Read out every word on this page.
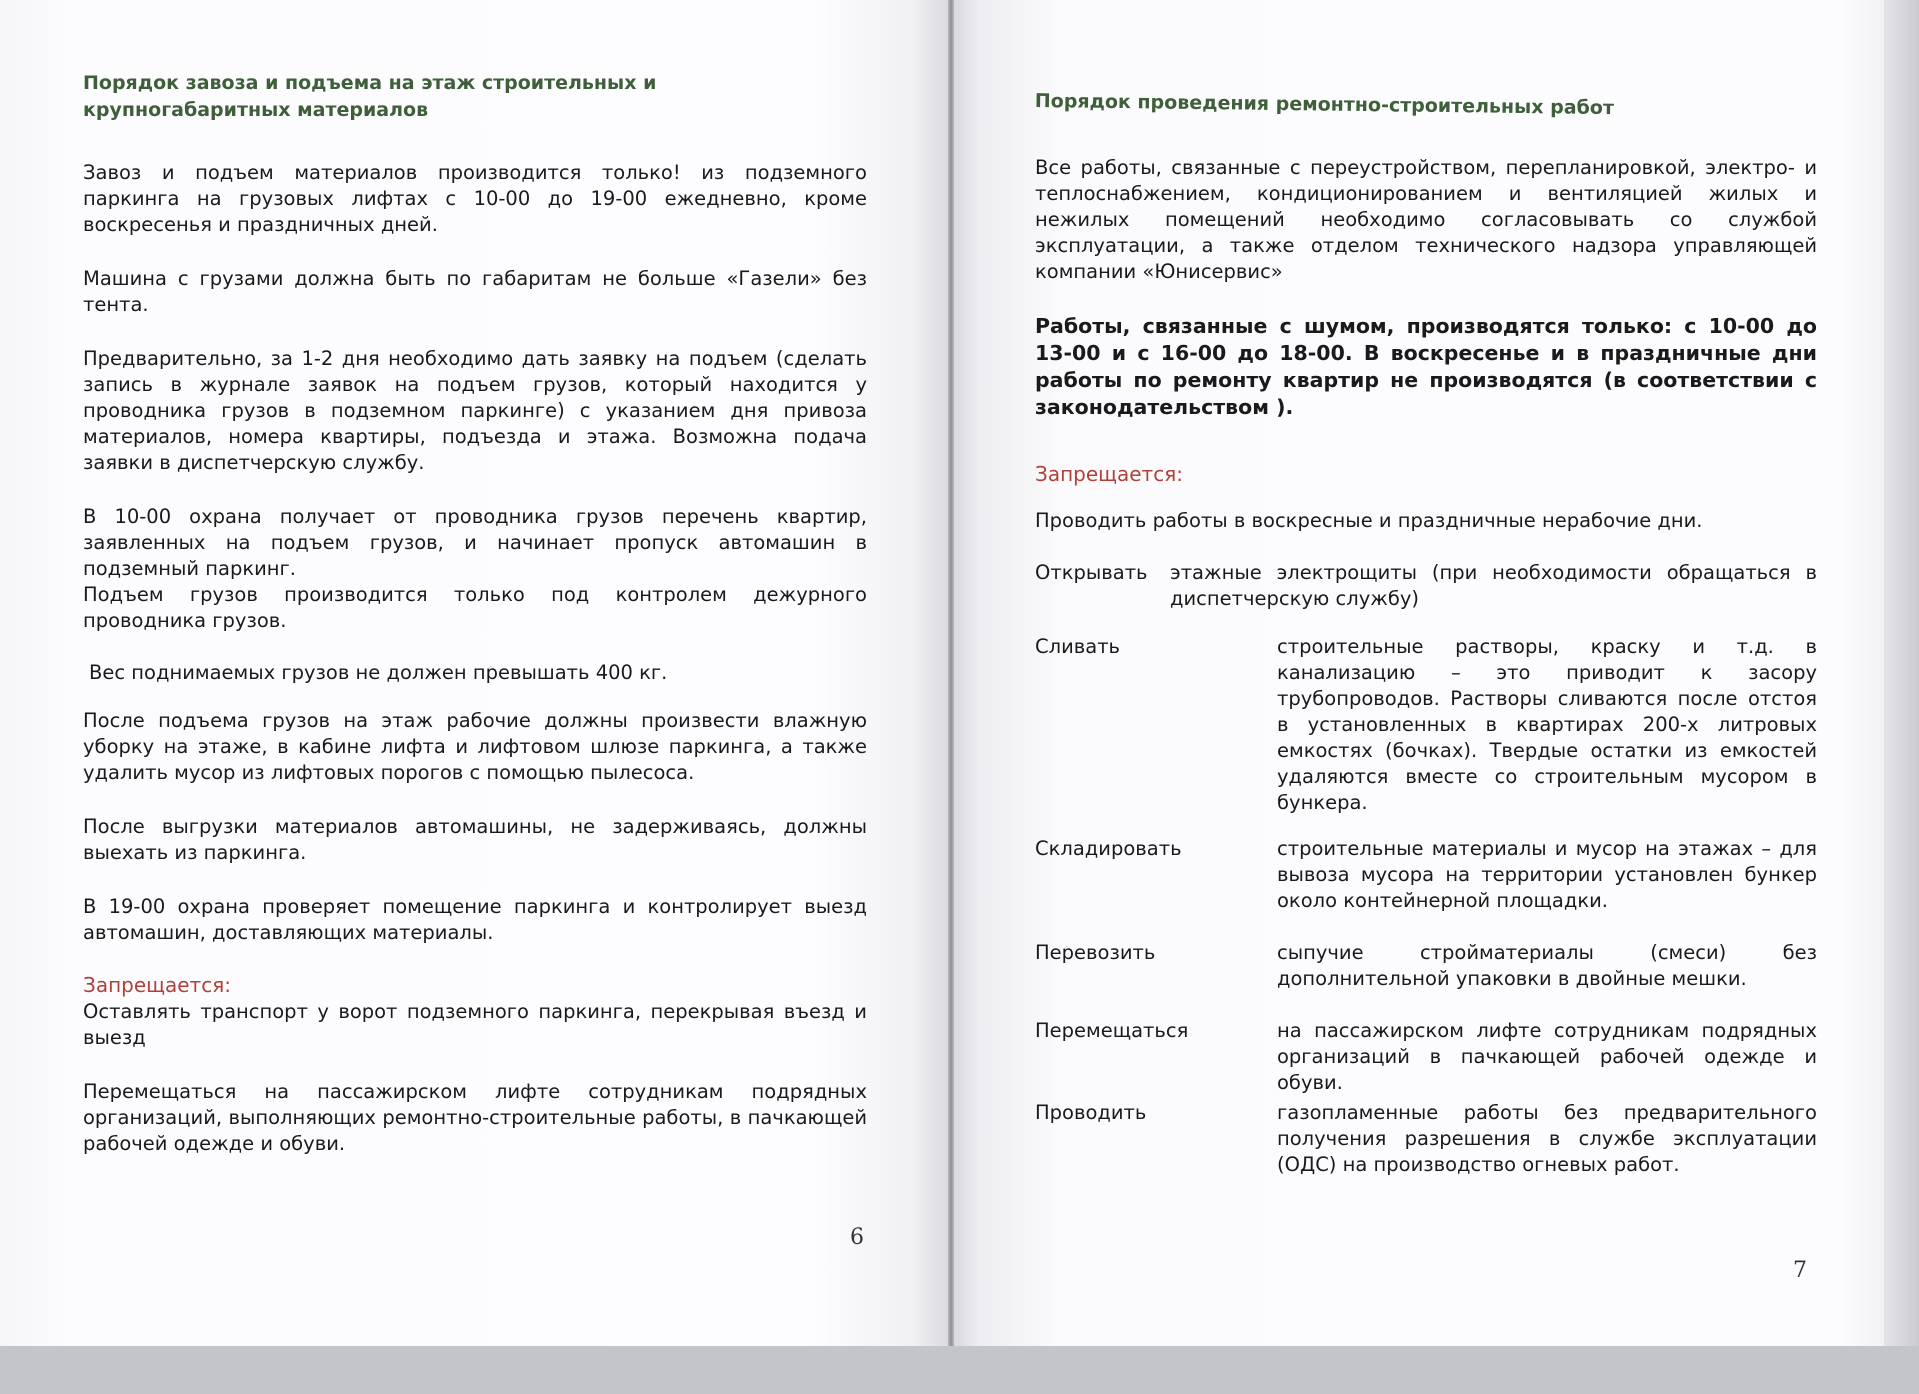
Порядок завоза и подъема на этаж строительных и крупногабаритных материалов

Завоз и подъем материалов производится только! из подземного паркинга на грузовых лифтах с 10-00 до 19-00 ежедневно, кроме воскресенья и праздничных дней.

Машина с грузами должна быть по габаритам не больше «Газели» без тента.

Предварительно, за 1-2 дня необходимо дать заявку на подъем (сделать запись в журнале заявок на подъем грузов, который находится у проводника грузов в подземном паркинге) с указанием дня привоза материалов, номера квартиры, подъезда и этажа. Возможна подача заявки в диспетчерскую службу.

В 10-00 охрана получает от проводника грузов перечень квартир, заявленных на подъем грузов, и начинает пропуск автомашин в подземный паркинг.

Подъем грузов производится только под контролем дежурного проводника грузов.

Вес поднимаемых грузов не должен превышать 400 кг.

После подъема грузов на этаж рабочие должны произвести влажную уборку на этаже, в кабине лифта и лифтовом шлюзе паркинга, а также удалить мусор из лифтовых порогов с помощью пылесоса.

После выгрузки материалов автомашины, не задерживаясь, должны выехать из паркинга.

В 19-00 охрана проверяет помещение паркинга и контролирует выезд автомашин, доставляющих материалы.

Запрещается:

Оставлять транспорт у ворот подземного паркинга, перекрывая въезд и выезд

Перемещаться на пассажирском лифте сотрудникам подрядных организаций, выполняющих ремонтно-строительные работы, в пачкающей рабочей одежде и обуви.

6
Порядок проведения ремонтно-строительных работ

Все работы, связанные с переустройством, перепланировкой, электро- и теплоснабжением, кондиционированием и вентиляцией жилых и нежилых помещений необходимо согласовывать со службой эксплуатации, а также отделом технического надзора управляющей компании «Юнисервис»

Работы, связанные с шумом, производятся только: с 10-00 до 13-00 и с 16-00 до 18-00. В воскресенье и в праздничные дни работы по ремонту квартир не производятся (в соответствии с законодательством ).

Запрещается:

Проводить
работы в воскресные и праздничные нерабочие дни.
Открывать	этажные электрощиты (при необходимости обращаться в диспетчерскую службу)
Сливать	строительные растворы, краску и т.д. в канализацию – это приводит к засору трубопроводов. Растворы сливаются после отстоя в установленных в квартирах 200-х литровых емкостях (бочках). Твердые остатки из емкостей удаляются вместе со строительным мусором в бункера.
Складировать	строительные материалы и мусор на этажах – для вывоза мусора на территории установлен бункер около контейнерной площадки.
Перевозить	сыпучие стройматериалы (смеси) без дополнительной упаковки в двойные мешки.
Перемещаться	на пассажирском лифте сотрудникам подрядных организаций в пачкающей рабочей одежде и обуви.
Проводить	газопламенные работы без предварительного получения разрешения в службе эксплуатации (ОДС) на производство огневых работ.
7
